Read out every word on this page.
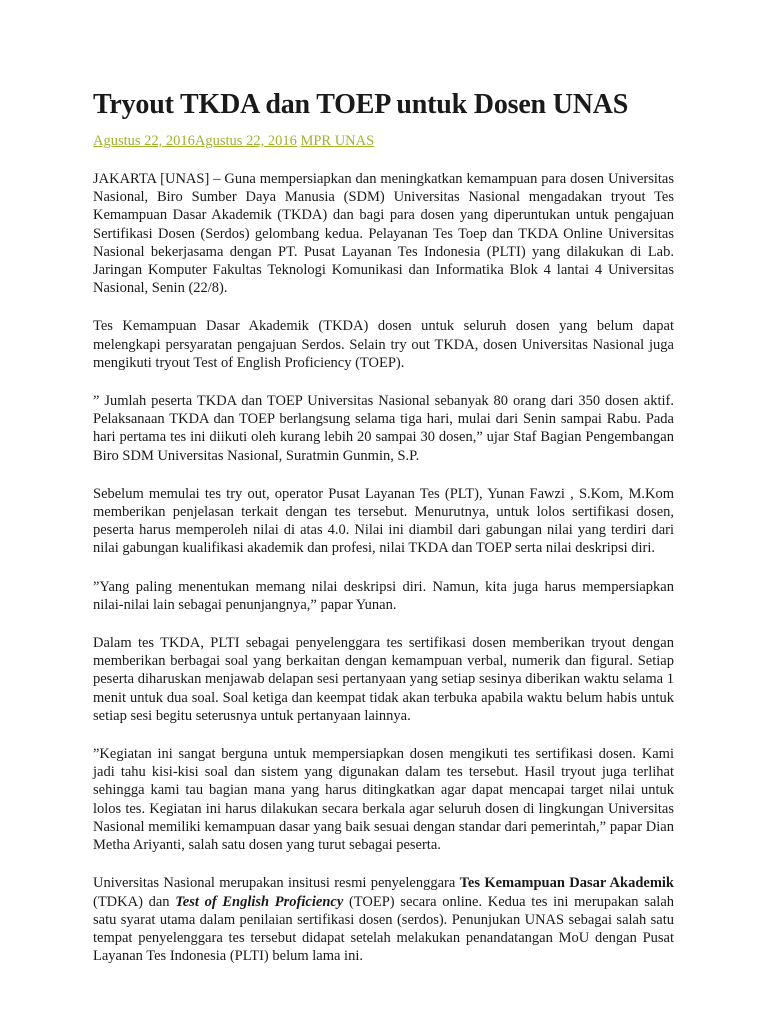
Tryout TKDA dan TOEP untuk Dosen UNAS
Agustus 22, 2016Agustus 22, 2016 MPR UNAS

JAKARTA [UNAS] – Guna mempersiapkan dan meningkatkan kemampuan para dosen Universitas Nasional, Biro Sumber Daya Manusia (SDM) Universitas Nasional mengadakan tryout Tes Kemampuan Dasar Akademik (TKDA) dan bagi para dosen yang diperuntukan untuk pengajuan Sertifikasi Dosen (Serdos) gelombang kedua. Pelayanan Tes Toep dan TKDA Online Universitas Nasional bekerjasama dengan PT. Pusat Layanan Tes Indonesia (PLTI) yang dilakukan di Lab. Jaringan Komputer Fakultas Teknologi Komunikasi dan Informatika Blok 4 lantai 4 Universitas Nasional, Senin (22/8).

Tes Kemampuan Dasar Akademik (TKDA) dosen untuk seluruh dosen yang belum dapat melengkapi persyaratan pengajuan Serdos. Selain try out TKDA, dosen Universitas Nasional juga mengikuti tryout Test of English Proficiency (TOEP).

” Jumlah peserta TKDA dan TOEP Universitas Nasional sebanyak 80 orang dari 350 dosen aktif. Pelaksanaan TKDA dan TOEP berlangsung selama tiga hari, mulai dari Senin sampai Rabu. Pada hari pertama tes ini diikuti oleh kurang lebih 20 sampai 30 dosen,” ujar Staf Bagian Pengembangan Biro SDM Universitas Nasional, Suratmin Gunmin, S.P.

Sebelum memulai tes try out, operator Pusat Layanan Tes (PLT), Yunan Fawzi , S.Kom, M.Kom memberikan penjelasan terkait dengan tes tersebut. Menurutnya, untuk lolos sertifikasi dosen, peserta harus memperoleh nilai di atas 4.0. Nilai ini diambil dari gabungan nilai yang terdiri dari nilai gabungan kualifikasi akademik dan profesi, nilai TKDA dan TOEP serta nilai deskripsi diri.

”Yang paling menentukan memang nilai deskripsi diri. Namun, kita juga harus mempersiapkan nilai-nilai lain sebagai penunjangnya,” papar Yunan.

Dalam tes TKDA, PLTI sebagai penyelenggara tes sertifikasi dosen memberikan tryout dengan memberikan berbagai soal yang berkaitan dengan kemampuan verbal, numerik dan figural. Setiap peserta diharuskan menjawab delapan sesi pertanyaan yang setiap sesinya diberikan waktu selama 1 menit untuk dua soal. Soal ketiga dan keempat tidak akan terbuka apabila waktu belum habis untuk setiap sesi begitu seterusnya untuk pertanyaan lainnya.

”Kegiatan ini sangat berguna untuk mempersiapkan dosen mengikuti tes sertifikasi dosen. Kami jadi tahu kisi-kisi soal dan sistem yang digunakan dalam tes tersebut. Hasil tryout juga terlihat sehingga kami tau bagian mana yang harus ditingkatkan agar dapat mencapai target nilai untuk lolos tes. Kegiatan ini harus dilakukan secara berkala agar seluruh dosen di lingkungan Universitas Nasional memiliki kemampuan dasar yang baik sesuai dengan standar dari pemerintah,” papar Dian Metha Ariyanti, salah satu dosen yang turut sebagai peserta.

Universitas Nasional merupakan insitusi resmi penyelenggara Tes Kemampuan Dasar Akademik (TDKA) dan Test of English Proficiency (TOEP) secara online. Kedua tes ini merupakan salah satu syarat utama dalam penilaian sertifikasi dosen (serdos). Penunjukan UNAS sebagai salah satu tempat penyelenggara tes tersebut didapat setelah melakukan penandatangan MoU dengan Pusat Layanan Tes Indonesia (PLTI) belum lama ini.
